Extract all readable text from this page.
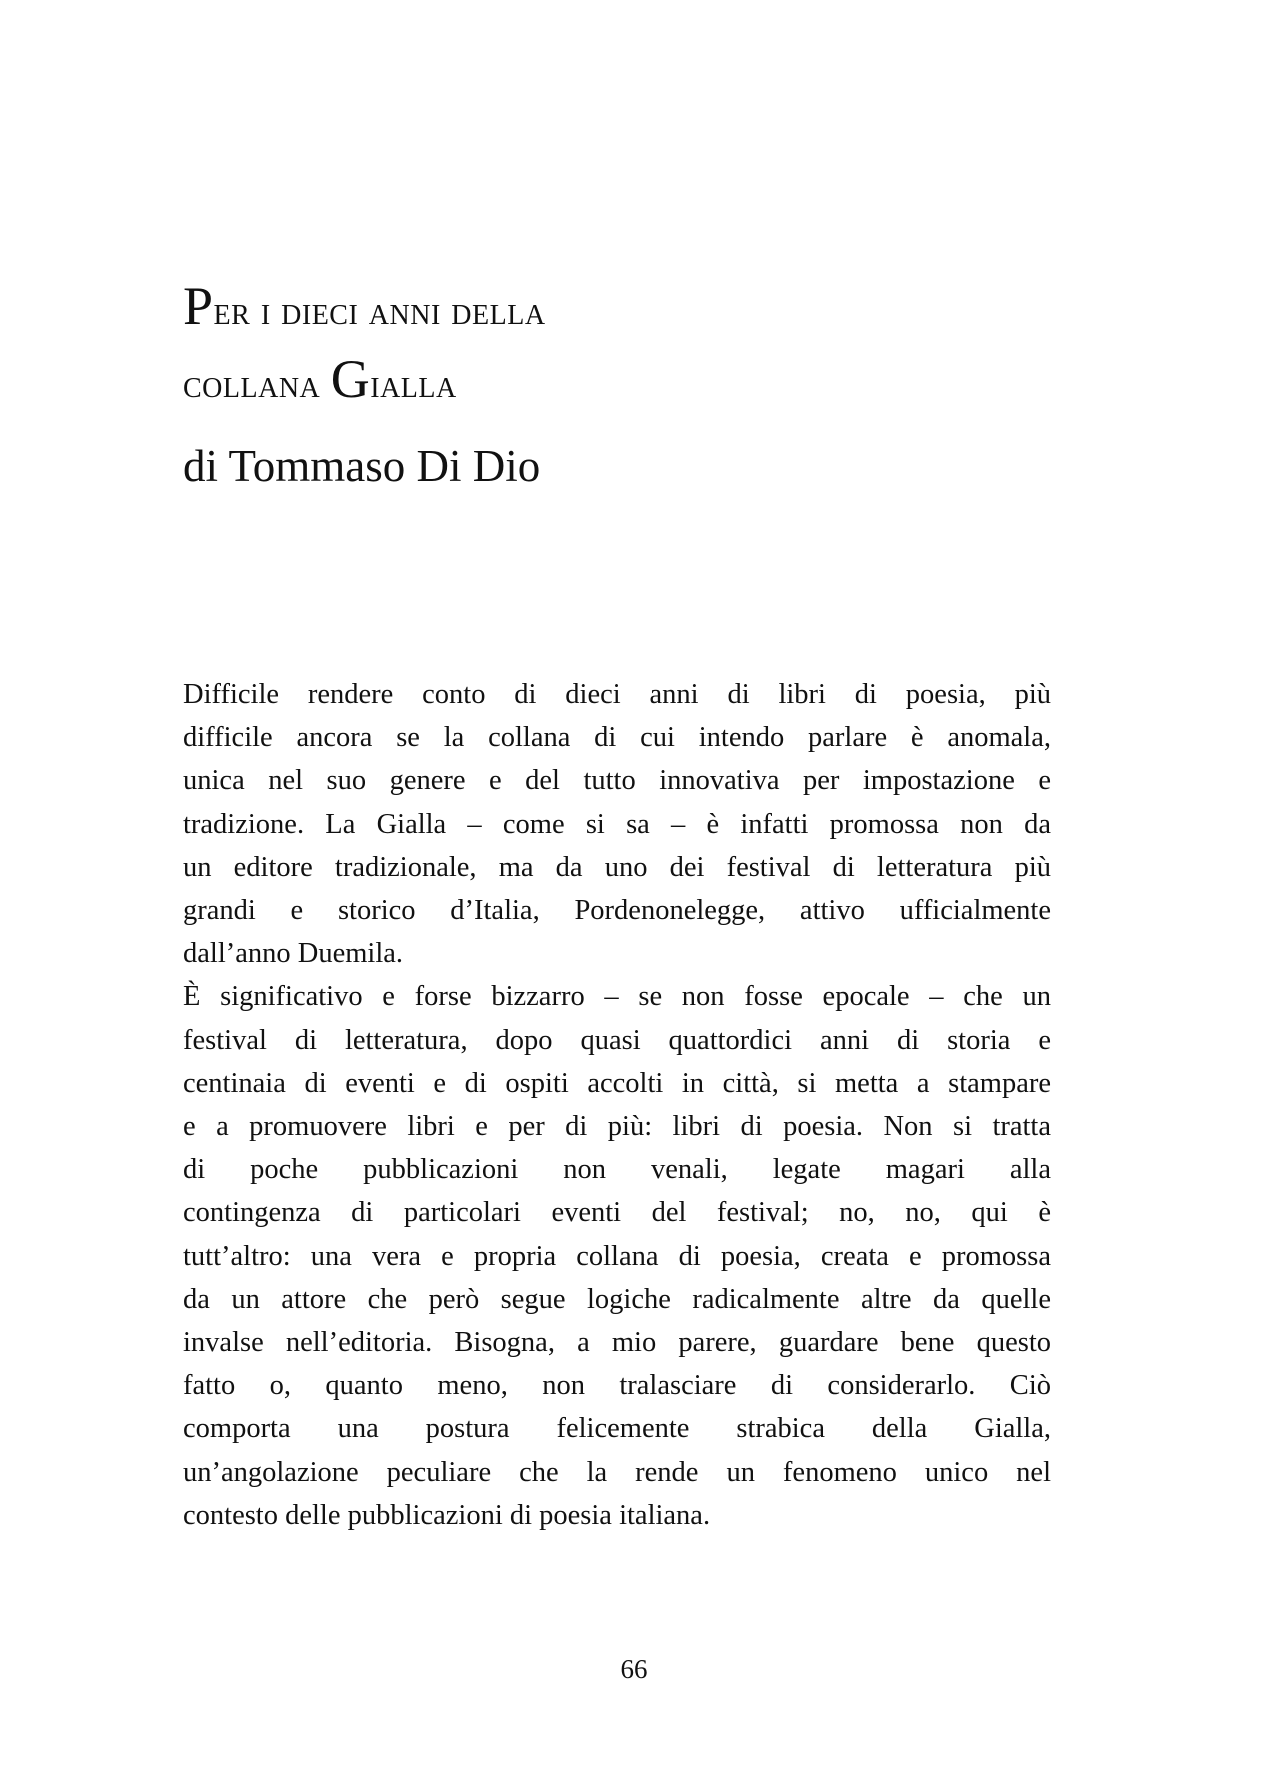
Per i dieci anni della
collana Gialla
di Tommaso Di Dio
Difficile rendere conto di dieci anni di libri di poesia, più
difficile ancora se la collana di cui intendo parlare è anomala,
unica nel suo genere e del tutto innovativa per impostazione e
tradizione. La Gialla – come si sa – è infatti promossa non da
un editore tradizionale, ma da uno dei festival di letteratura più
grandi e storico d’Italia, Pordenonelegge, attivo ufficialmente
dall’anno Duemila.
È significativo e forse bizzarro – se non fosse epocale – che un
festival di letteratura, dopo quasi quattordici anni di storia e
centinaia di eventi e di ospiti accolti in città, si metta a stampare
e a promuovere libri e per di più: libri di poesia. Non si tratta
di poche pubblicazioni non venali, legate magari alla
contingenza di particolari eventi del festival; no, no, qui è
tutt’altro: una vera e propria collana di poesia, creata e promossa
da un attore che però segue logiche radicalmente altre da quelle
invalse nell’editoria. Bisogna, a mio parere, guardare bene questo
fatto o, quanto meno, non tralasciare di considerarlo. Ciò
comporta una postura felicemente strabica della Gialla,
un’angolazione peculiare che la rende un fenomeno unico nel
contesto delle pubblicazioni di poesia italiana.
66
